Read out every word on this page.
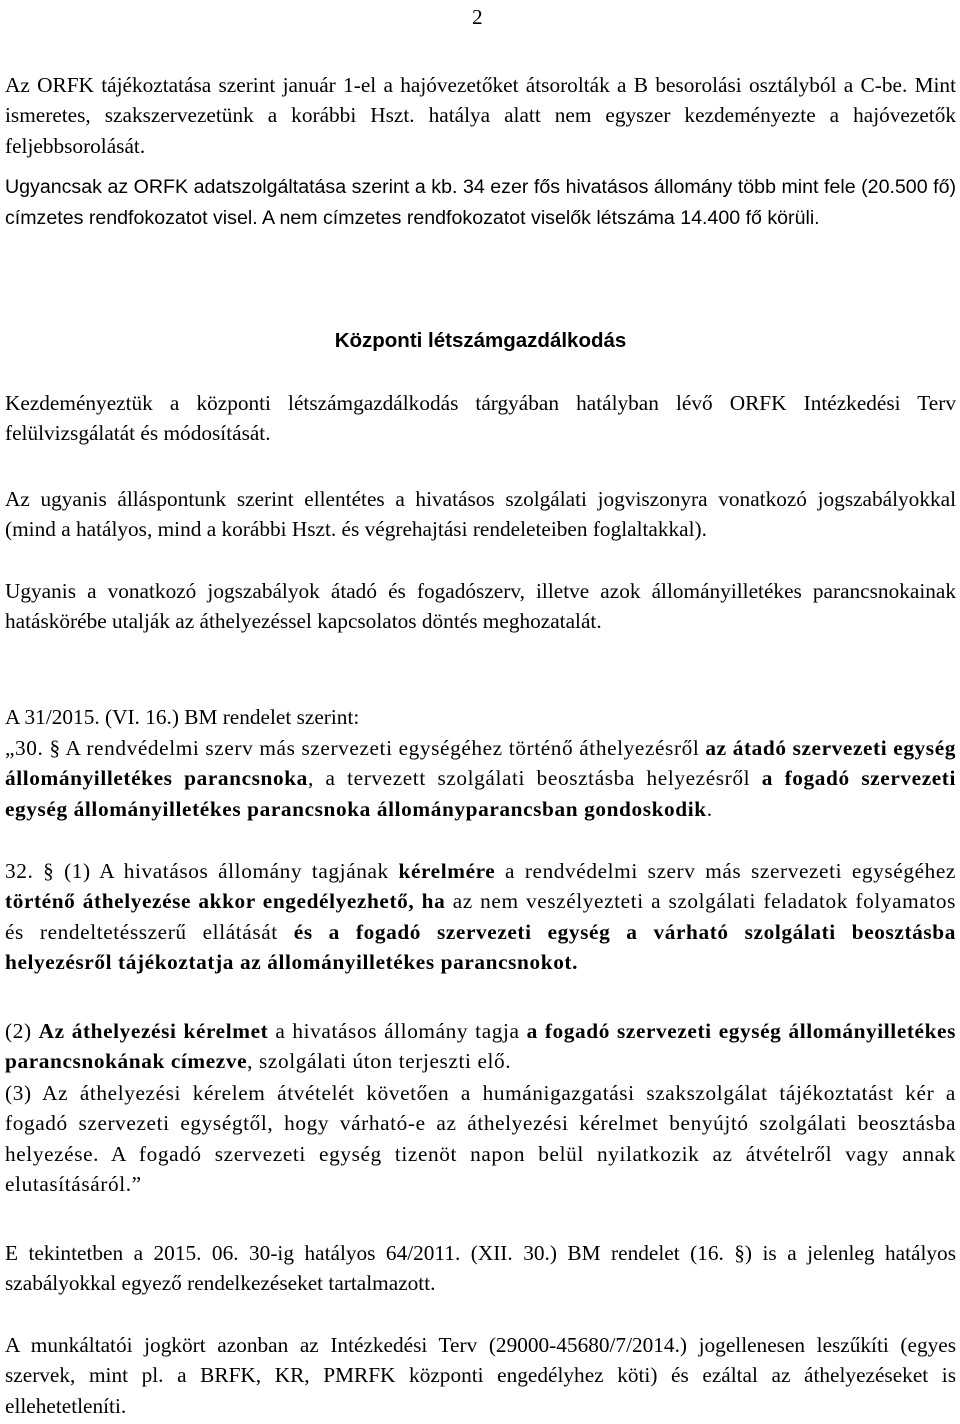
2

Az ORFK tájékoztatása szerint január 1-el a hajóvezetőket átsorolták a B besorolási osztályból a C-be. Mint ismeretes, szakszervezetünk a korábbi Hszt. hatálya alatt nem egyszer kezdeményezte a hajóvezetők feljebbsorolását.

Ugyancsak az ORFK adatszolgáltatása szerint a kb. 34 ezer fős hivatásos állomány több mint fele (20.500 fő) címzetes rendfokozatot visel. A nem címzetes rendfokozatot viselők létszáma 14.400 fő körüli.

Központi létszámgazdálkodás

Kezdeményeztük a központi létszámgazdálkodás tárgyában hatályban lévő ORFK Intézkedési Terv felülvizsgálatát és módosítását.

Az ugyanis álláspontunk szerint ellentétes a hivatásos szolgálati jogviszonyra vonatkozó jogszabályokkal (mind a hatályos, mind a korábbi Hszt. és végrehajtási rendeleteiben foglaltakkal).

Ugyanis a vonatkozó jogszabályok átadó és fogadószerv, illetve azok állományilletékes parancsnokainak hatáskörébe utalják az áthelyezéssel kapcsolatos döntés meghozatalát.

A 31/2015. (VI. 16.) BM rendelet szerint:

„30. § A rendvédelmi szerv más szervezeti egységéhez történő áthelyezésről az átadó szervezeti egység állományilletékes parancsnoka, a tervezett szolgálati beosztásba helyezésről a fogadó szervezeti egység állományilletékes parancsnoka állományparancsban gondoskodik.

32. § (1) A hivatásos állomány tagjának kérelmére a rendvédelmi szerv más szervezeti egységéhez történő áthelyezése akkor engedélyezhető, ha az nem veszélyezteti a szolgálati feladatok folyamatos és rendeltetésszerű ellátását és a fogadó szervezeti egység a várható szolgálati beosztásba helyezésről tájékoztatja az állományilletékes parancsnokot.

(2) Az áthelyezési kérelmet a hivatásos állomány tagja a fogadó szervezeti egység állományilletékes parancsnokának címezve, szolgálati úton terjeszti elő.

(3) Az áthelyezési kérelem átvételét követően a humánigazgatási szakszolgálat tájékoztatást kér a fogadó szervezeti egységtől, hogy várható-e az áthelyezési kérelmet benyújtó szolgálati beosztásba helyezése. A fogadó szervezeti egység tizenöt napon belül nyilatkozik az átvételről vagy annak elutasításáról.”

E tekintetben a 2015. 06. 30-ig hatályos 64/2011. (XII. 30.) BM rendelet (16. §) is a jelenleg hatályos szabályokkal egyező rendelkezéseket tartalmazott.

A munkáltatói jogkört azonban az Intézkedési Terv (29000-45680/7/2014.) jogellenesen leszűkíti (egyes szervek, mint pl. a BRFK, KR, PMRFK központi engedélyhez köti) és ezáltal az áthelyezéseket is ellehetetleníti.
